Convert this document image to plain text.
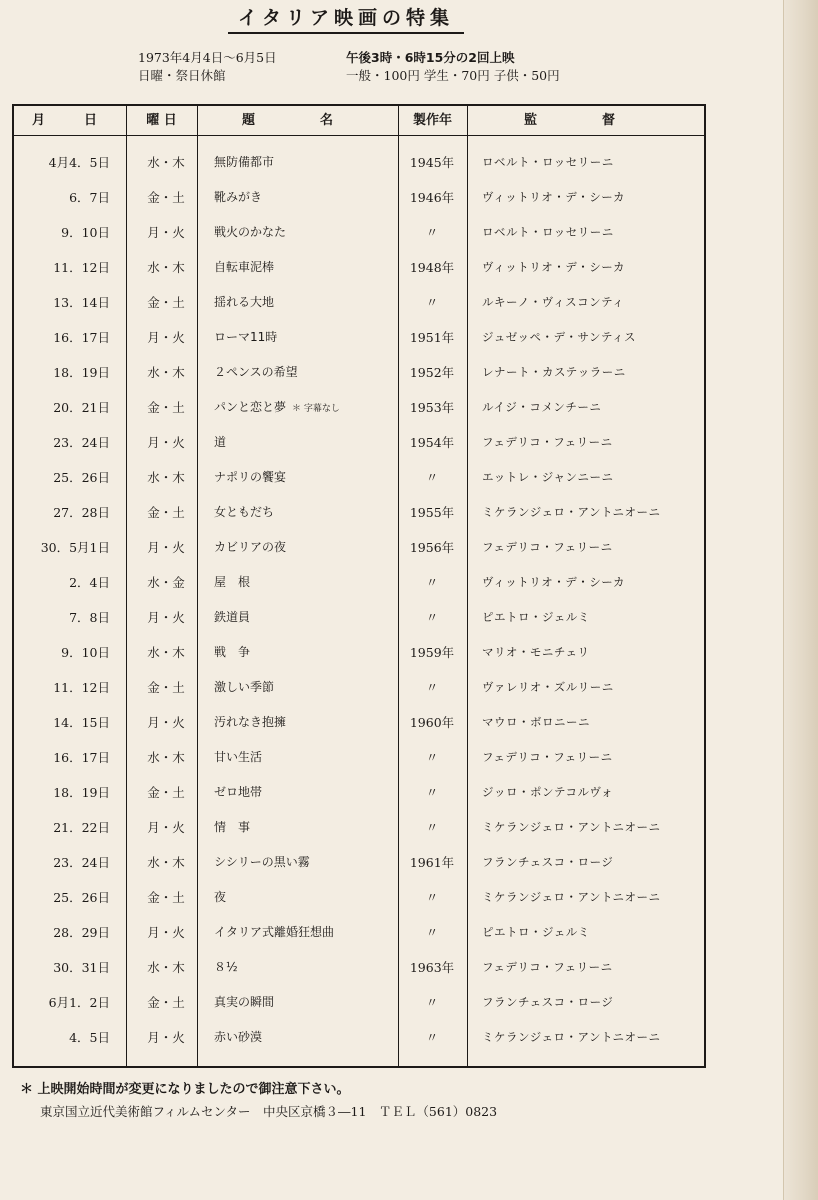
イタリア映画の特集
1973年4月4日〜6月5日
日曜・祭日休館
午後3時・6時15分の2回上映
一般・100円 学生・70円 子供・50円
月　　　日	曜 日	題　　　　　名	製作年	監　　　　　督
4月4．5日	水・木	無防備都市	1945年	ロベルト・ロッセリーニ
6．7日	金・土	靴みがき	1946年	ヴィットリオ・デ・シーカ
9．10日	月・火	戦火のかなた	〃	ロベルト・ロッセリーニ
11．12日	水・木	自転車泥棒	1948年	ヴィットリオ・デ・シーカ
13．14日	金・土	揺れる大地	〃	ルキーノ・ヴィスコンティ
16．17日	月・火	ローマ11時	1951年	ジュゼッペ・デ・サンティス
18．19日	水・木	２ペンスの希望	1952年	レナート・カステッラーニ
20．21日	金・土	パンと恋と夢 ＊ 字幕なし	1953年	ルイジ・コメンチーニ
23．24日	月・火	道	1954年	フェデリコ・フェリーニ
25．26日	水・木	ナポリの饗宴	〃	エットレ・ジャンニーニ
27．28日	金・土	女ともだち	1955年	ミケランジェロ・アントニオーニ
30．5月1日	月・火	カビリアの夜	1956年	フェデリコ・フェリーニ
2．4日	水・金	屋　根	〃	ヴィットリオ・デ・シーカ
7．8日	月・火	鉄道員	〃	ピエトロ・ジェルミ
9．10日	水・木	戦　争	1959年	マリオ・モニチェリ
11．12日	金・土	激しい季節	〃	ヴァレリオ・ズルリーニ
14．15日	月・火	汚れなき抱擁	1960年	マウロ・ボロニーニ
16．17日	水・木	甘い生活	〃	フェデリコ・フェリーニ
18．19日	金・土	ゼロ地帯	〃	ジッロ・ポンテコルヴォ
21．22日	月・火	情　事	〃	ミケランジェロ・アントニオーニ
23．24日	水・木	シシリーの黒い霧	1961年	フランチェスコ・ロージ
25．26日	金・土	夜	〃	ミケランジェロ・アントニオーニ
28．29日	月・火	イタリア式離婚狂想曲	〃	ピエトロ・ジェルミ
30．31日	水・木	８½	1963年	フェデリコ・フェリーニ
6月1．2日	金・土	真実の瞬間	〃	フランチェスコ・ロージ
4．5日	月・火	赤い砂漠	〃	ミケランジェロ・アントニオーニ
＊ 上映開始時間が変更になりましたので御注意下さい。
東京国立近代美術館フィルムセンター　中央区京橋３―11　ＴＥＬ（561）0823
